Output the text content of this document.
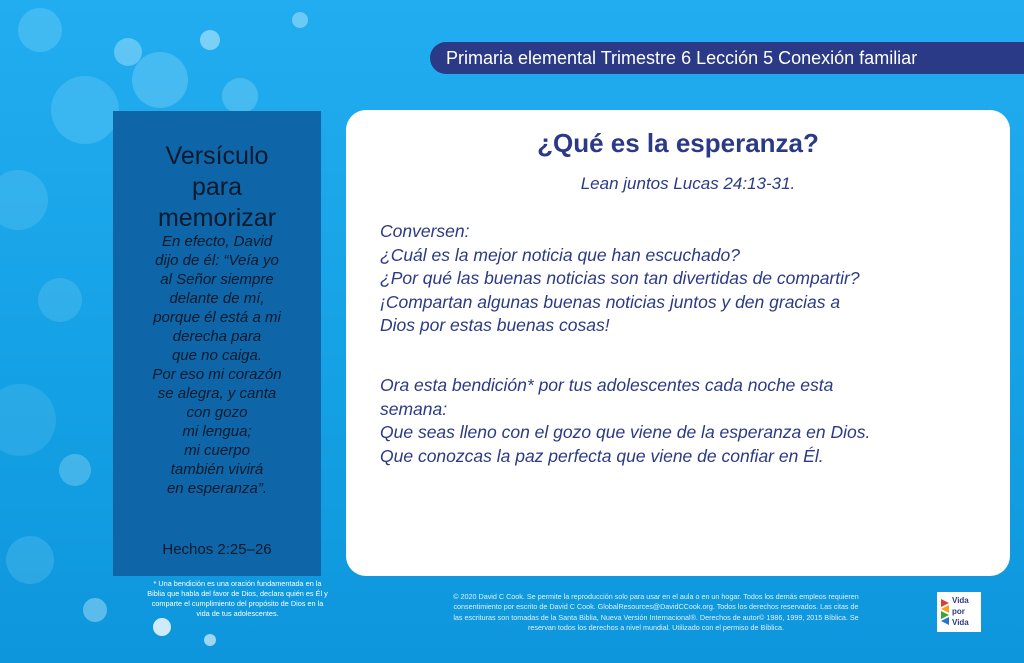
Primaria elemental Trimestre 6 Lección 5 Conexión familiar
Versículo
para
memorizar
En efecto, David
dijo de él: “Veía yo
al Señor siempre
delante de mí,
porque él está a mi
derecha para
que no caiga.
Por eso mi corazón
se alegra, y canta
con gozo
mi lengua;
mi cuerpo
también vivirá
en esperanza”.
Hechos 2:25–26
* Una bendición es una oración fundamentada en la
Biblia que habla del favor de Dios, declara quién es Él y
comparte el cumplimiento del propósito de Dios en la
vida de tus adolescentes.
¿Qué es la esperanza?
Lean juntos Lucas 24:13-31.
Conversen:
¿Cuál es la mejor noticia que han escuchado?
¿Por qué las buenas noticias son tan divertidas de compartir?
¡Compartan algunas buenas noticias juntos y den gracias a
Dios por estas buenas cosas!
Ora esta bendición* por tus adolescentes cada noche esta
semana:
Que seas lleno con el gozo que viene de la esperanza en Dios.
Que conozcas la paz perfecta que viene de confiar en Él.
© 2020 David C Cook. Se permite la reproducción solo para usar en el aula o en un hogar. Todos los demás empleos requieren
consentimiento por escrito de David C Cook. GlobalResources@DavidCCook.org. Todos los derechos reservados. Las citas de
las escrituras son tomadas de la Santa Biblia, Nueva Versión Internacional®. Derechos de autor© 1986, 1999, 2015 Bíblica. Se
reservan todos los derechos a nivel mundial. Utilizado con el permiso de Bíblica.
Vida
por
Vida
